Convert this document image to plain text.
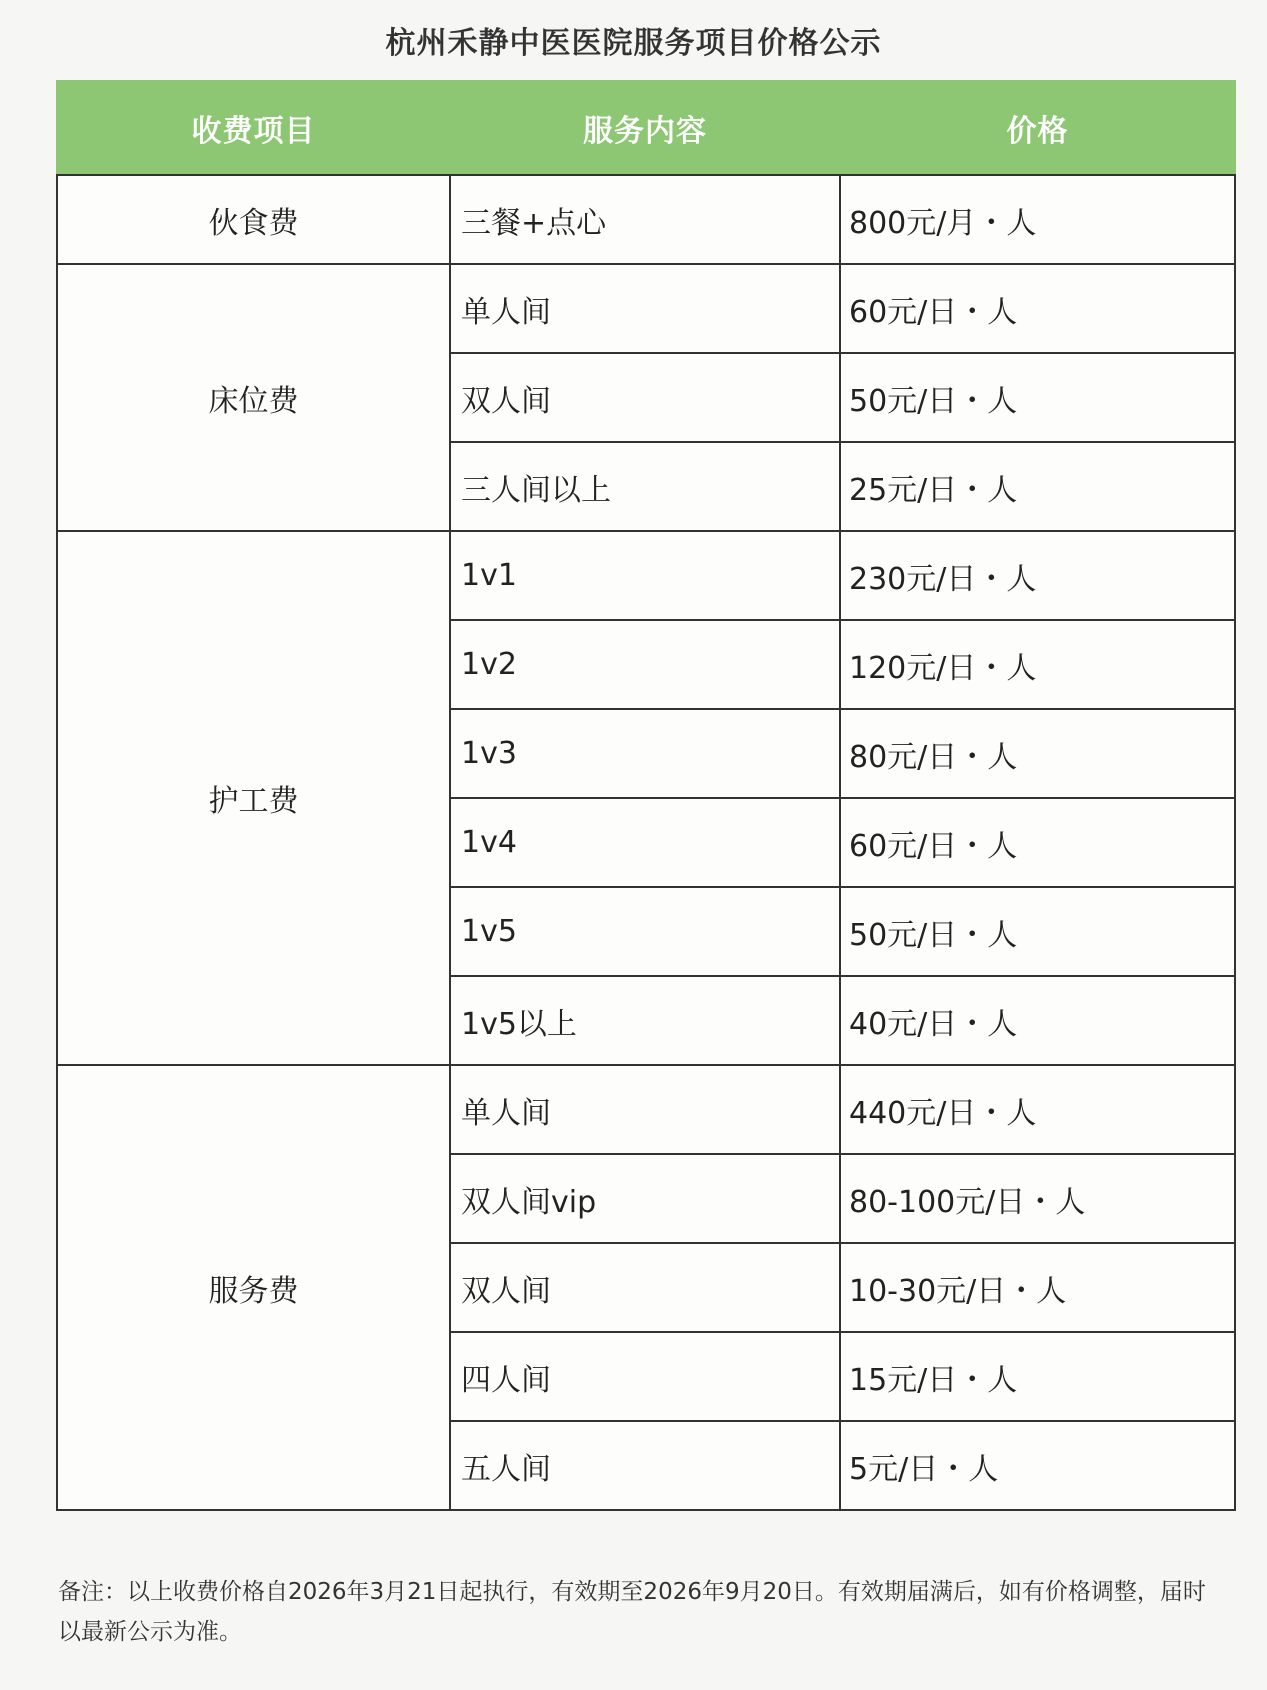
杭州禾静中医医院服务项目价格公示
收费项目	服务内容	价格
伙食费	三餐+点心	800元/月・人
床位费	单人间	60元/日・人
	双人间	50元/日・人
	三人间以上	25元/日・人
护工费	1v1	230元/日・人
	1v2	120元/日・人
	1v3	80元/日・人
	1v4	60元/日・人
	1v5	50元/日・人
	1v5以上	40元/日・人
服务费	单人间	440元/日・人
	双人间vip	80-100元/日・人
	双人间	10-30元/日・人
	四人间	15元/日・人
	五人间	5元/日・人
备注：以上收费价格自2026年3月21日起执行，有效期至2026年9月20日。有效期届满后，如有价格调整，届时以最新公示为准。
